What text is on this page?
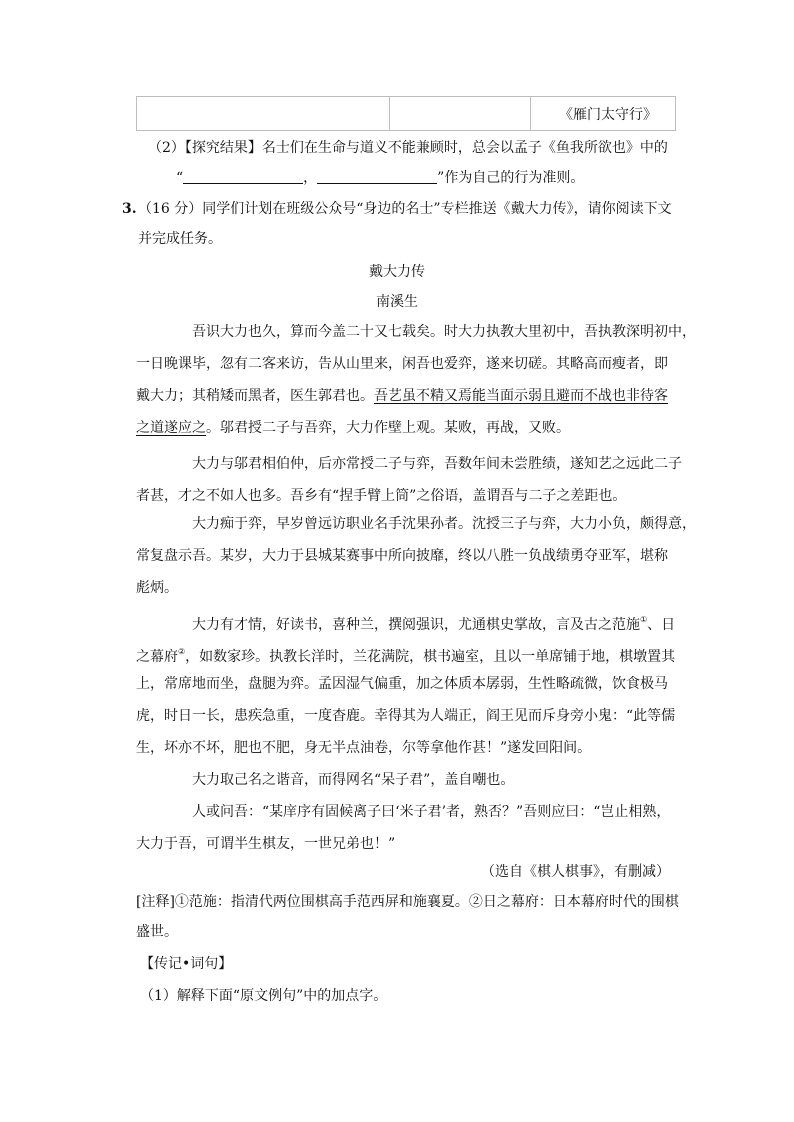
		《雁门太守行》
（2）【探究结果】名士们在生命与道义不能兼顾时，总会以孟子《鱼我所欲也》中的
“	，	”作为自己的行为准则。
3. （16 分）同学们计划在班级公众号“身边的名士”专栏推送《戴大力传》，请你阅读下文
并完成任务。
戴大力传
南溪生
吾识大力也久，算而今盖二十又七载矣。时大力执教大里初中，吾执教深明初中，
一日晚课毕，忽有二客来访，告从山里来，闲吾也爱弈，遂来切磋。其略高而瘦者，即
戴大力；其稍矮而黑者，医生郭君也。吾艺虽不精又焉能当面示弱且避而不战也非待客
之道遂应之。邬君授二子与吾弈，大力作壁上观。某败，再战，又败。
大力与邬君相伯仲，后亦常授二子与弈，吾数年间未尝胜绩，遂知艺之远此二子
者甚，才之不如人也多。吾乡有“捏手臂上筒”之俗语，盖谓吾与二子之差距也。
大力痴于弈，早岁曾远访职业名手沈果孙者。沈授三子与弈，大力小负，颇得意，
常复盘示吾。某岁，大力于县城某赛事中所向披靡，终以八胜一负战绩勇夺亚军，堪称
彪炳。
大力有才情，好读书，喜种兰，撰阅强识，尤通棋史掌故，言及古之范施①、日
之幕府②，如数家珍。执教长洋时，兰花满院，棋书遍室，且以一单席铺于地，棋墩置其
上，常席地而坐，盘腿为弈。孟因湿气偏重，加之体质本孱弱，生性略疏微，饮食极马
虎，时日一长，患疾急重，一度杳鹿。幸得其为人端正，阎王见而斥身旁小鬼：“此等儒
生，坏亦不坏，肥也不肥，身无半点油卷，尔等拿他作甚！”遂发回阳间。
大力取己名之谐音，而得网名“呆子君”，盖自嘲也。
人或问吾：“某庠序有固候离子曰‘米子君’者，熟否？”吾则应曰：“岂止相熟，
大力于吾，可谓半生棋友，一世兄弟也！”
（选自《棋人棋事》，有删减）
[注释]①范施：指清代两位围棋高手范西屏和施襄夏。②日之幕府：日本幕府时代的围棋
盛世。
【传记•词句】
（1）解释下面“原文例句”中的加点字。
